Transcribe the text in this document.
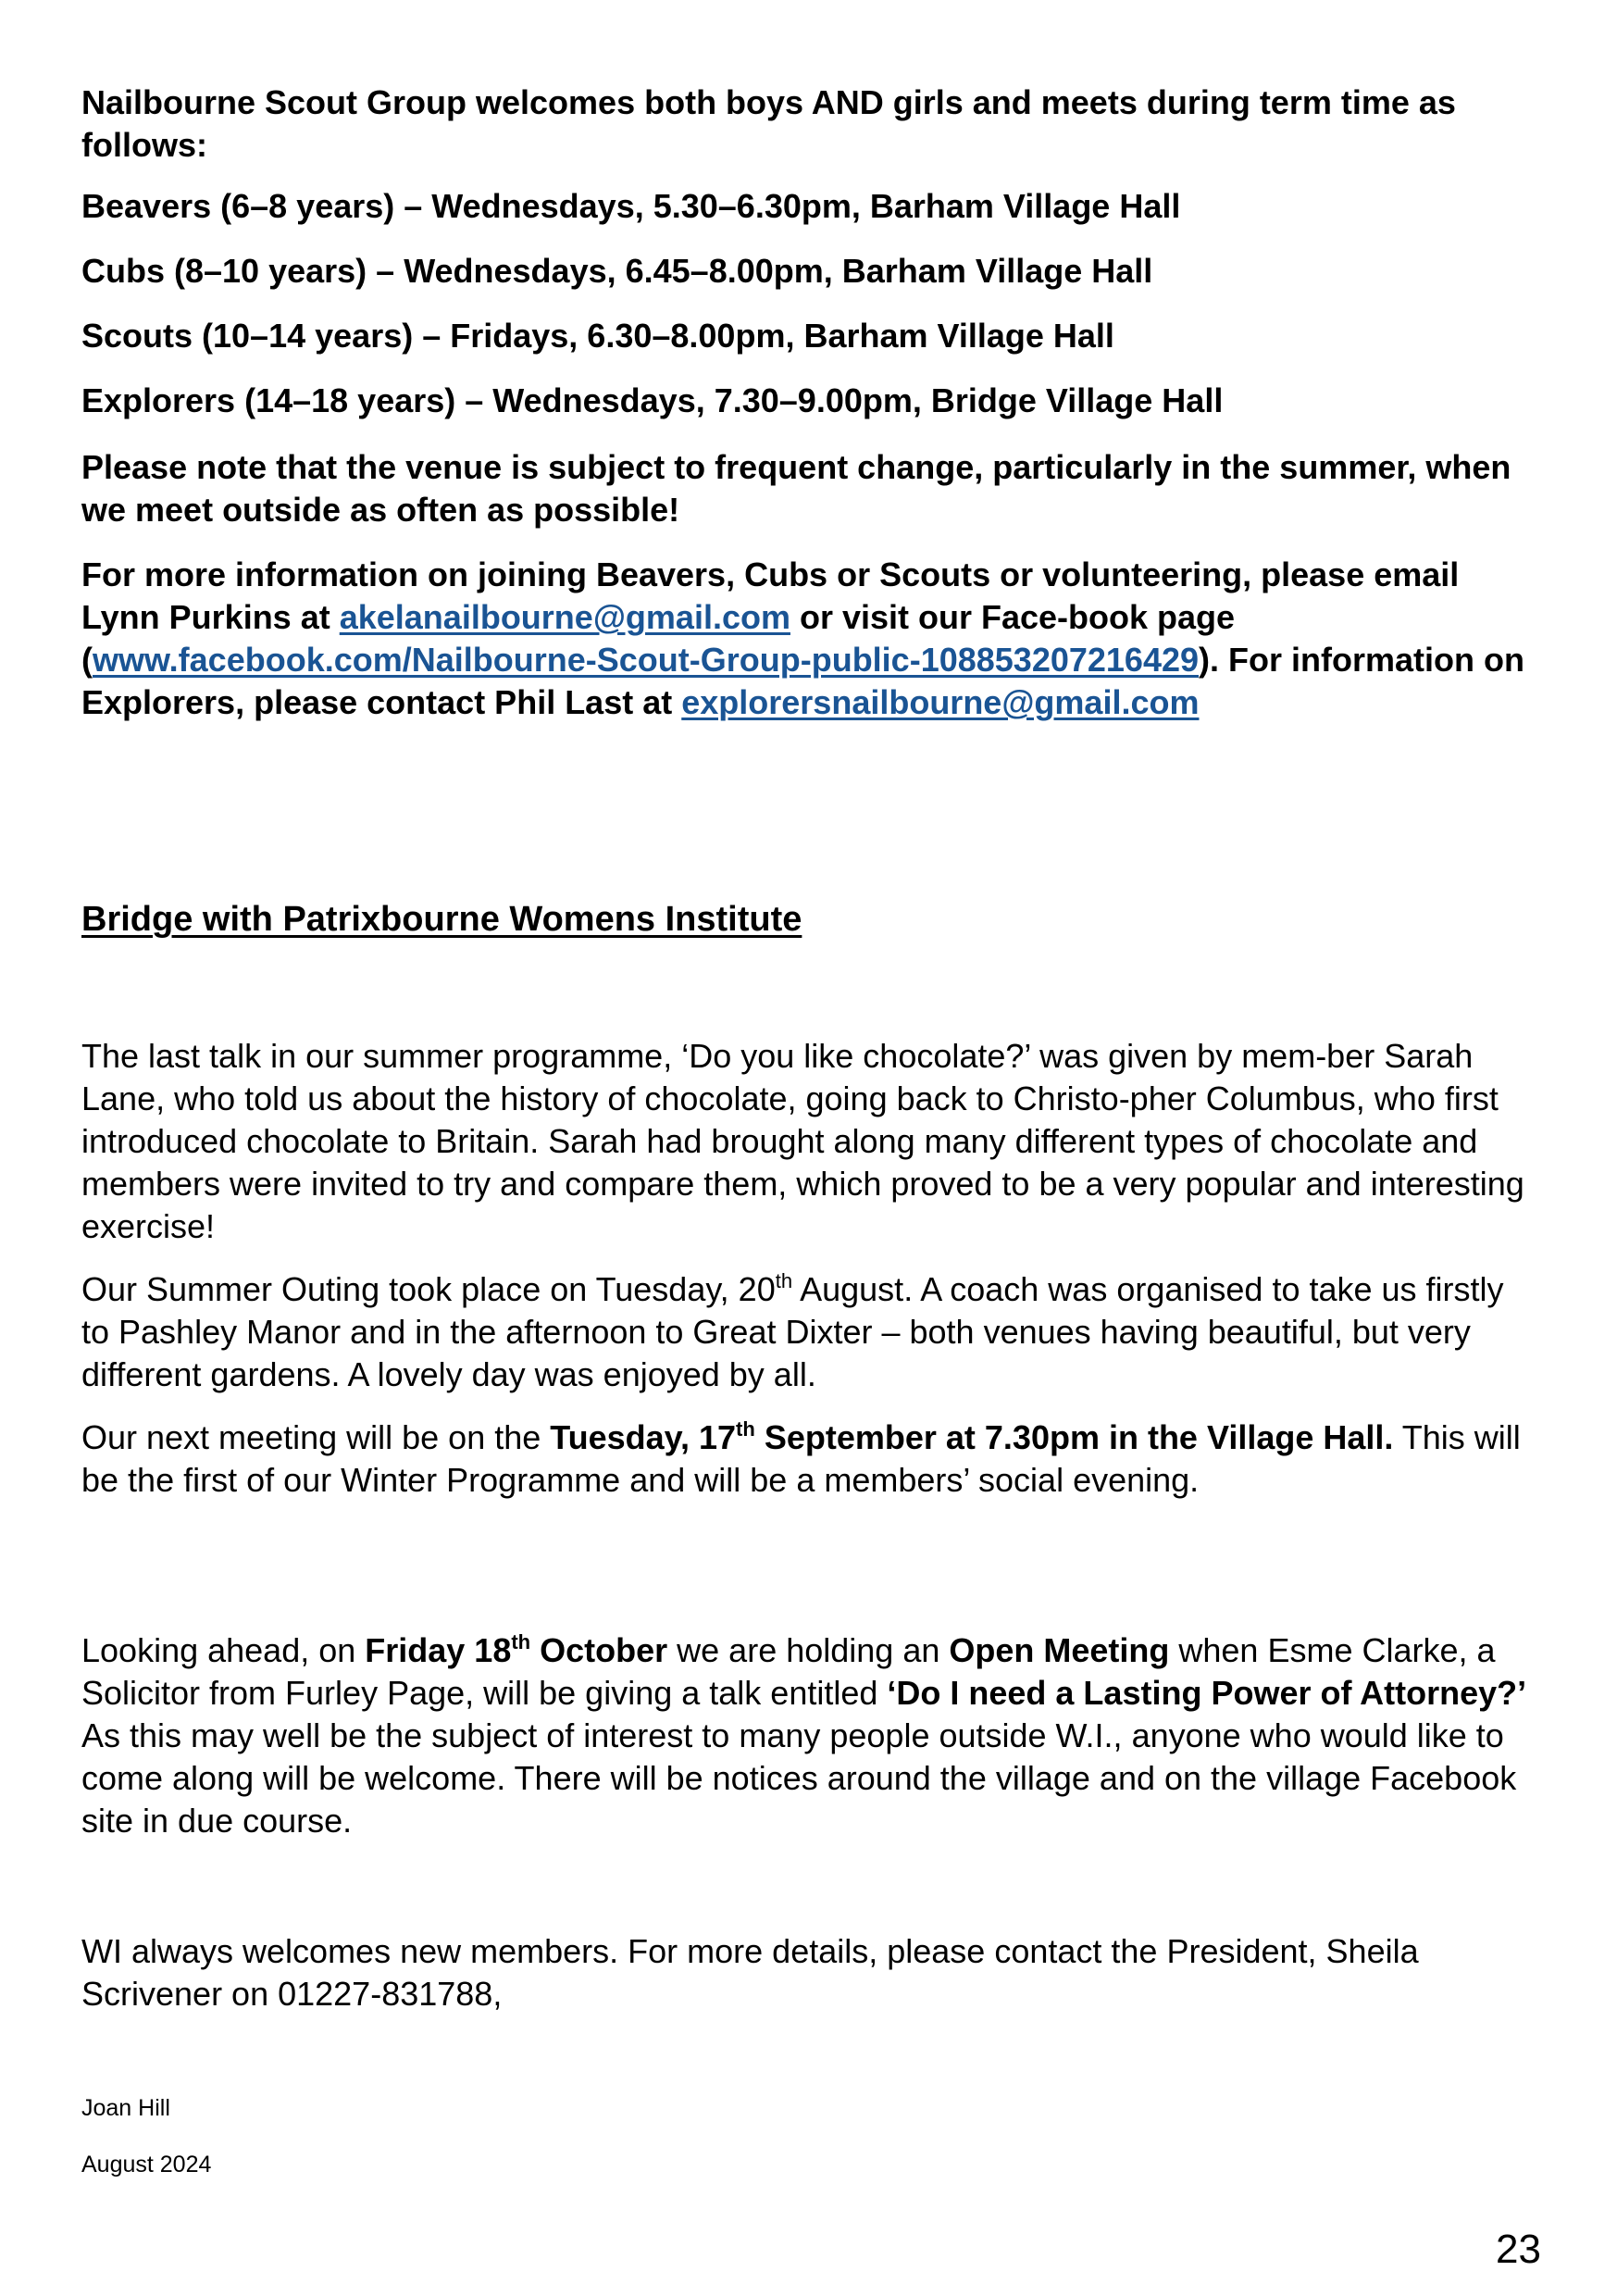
Nailbourne Scout Group welcomes both boys AND girls and meets during term time as follows:

Beavers (6–8 years) – Wednesdays, 5.30–6.30pm, Barham Village Hall

Cubs (8–10 years) – Wednesdays, 6.45–8.00pm, Barham Village Hall

Scouts (10–14 years) – Fridays, 6.30–8.00pm, Barham Village Hall

Explorers (14–18 years) – Wednesdays, 7.30–9.00pm, Bridge Village Hall

Please note that the venue is subject to frequent change, particularly in the summer, when we meet outside as often as possible!

For more information on joining Beavers, Cubs or Scouts or volunteering, please email Lynn Purkins at akelanailbourne@gmail.com or visit our Face-book page (www.facebook.com/Nailbourne-Scout-Group-public-108853207216429). For information on Explorers, please contact Phil Last at explorersnailbourne@gmail.com

Bridge with Patrixbourne Womens Institute

The last talk in our summer programme, ‘Do you like chocolate?’ was given by mem-ber Sarah Lane, who told us about the history of chocolate, going back to Christo-pher Columbus, who first introduced chocolate to Britain. Sarah had brought along many different types of chocolate and members were invited to try and compare them, which proved to be a very popular and interesting exercise!

Our Summer Outing took place on Tuesday, 20th August. A coach was organised to take us firstly to Pashley Manor and in the afternoon to Great Dixter – both venues having beautiful, but very different gardens. A lovely day was enjoyed by all.

Our next meeting will be on the Tuesday, 17th September at 7.30pm in the Village Hall. This will be the first of our Winter Programme and will be a members’ social evening.

Looking ahead, on Friday 18th October we are holding an Open Meeting when Esme Clarke, a Solicitor from Furley Page, will be giving a talk entitled ‘Do I need a Lasting Power of Attorney?’ As this may well be the subject of interest to many people outside W.I., anyone who would like to come along will be welcome. There will be notices around the village and on the village Facebook site in due course.

WI always welcomes new members. For more details, please contact the President, Sheila Scrivener on 01227-831788,

Joan Hill

August 2024

23
